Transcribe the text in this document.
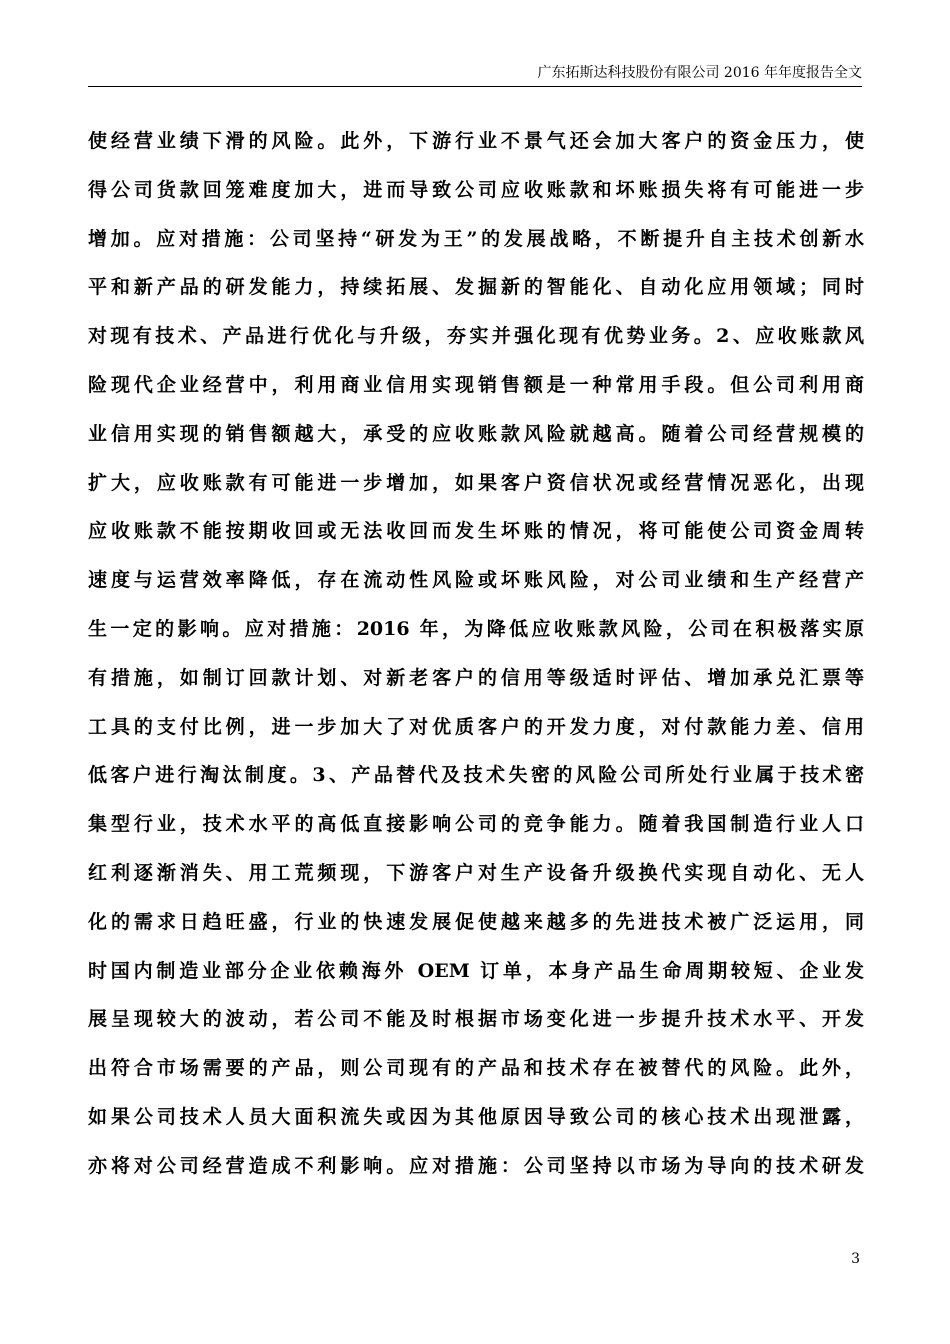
广东拓斯达科技股份有限公司 2016 年年度报告全文
使经营业绩下滑的风险。此外，下游行业不景气还会加大客户的资金压力，使
得公司货款回笼难度加大，进而导致公司应收账款和坏账损失将有可能进一步
增加。应对措施：公司坚持“研发为王”的发展战略，不断提升自主技术创新水
平和新产品的研发能力，持续拓展、发掘新的智能化、自动化应用领域；同时
对现有技术、产品进行优化与升级，夯实并强化现有优势业务。2、应收账款风
险现代企业经营中，利用商业信用实现销售额是一种常用手段。但公司利用商
业信用实现的销售额越大，承受的应收账款风险就越高。随着公司经营规模的
扩大，应收账款有可能进一步增加，如果客户资信状况或经营情况恶化，出现
应收账款不能按期收回或无法收回而发生坏账的情况，将可能使公司资金周转
速度与运营效率降低，存在流动性风险或坏账风险，对公司业绩和生产经营产
生一定的影响。应对措施：2016 年，为降低应收账款风险，公司在积极落实原
有措施，如制订回款计划、对新老客户的信用等级适时评估、增加承兑汇票等
工具的支付比例，进一步加大了对优质客户的开发力度，对付款能力差、信用
低客户进行淘汰制度。3、产品替代及技术失密的风险公司所处行业属于技术密
集型行业，技术水平的高低直接影响公司的竞争能力。随着我国制造行业人口
红利逐渐消失、用工荒频现，下游客户对生产设备升级换代实现自动化、无人
化的需求日趋旺盛，行业的快速发展促使越来越多的先进技术被广泛运用，同
时国内制造业部分企业依赖海外 OEM 订单，本身产品生命周期较短、企业发
展呈现较大的波动，若公司不能及时根据市场变化进一步提升技术水平、开发
出符合市场需要的产品，则公司现有的产品和技术存在被替代的风险。此外，
如果公司技术人员大面积流失或因为其他原因导致公司的核心技术出现泄露，
亦将对公司经营造成不利影响。应对措施：公司坚持以市场为导向的技术研发
3
